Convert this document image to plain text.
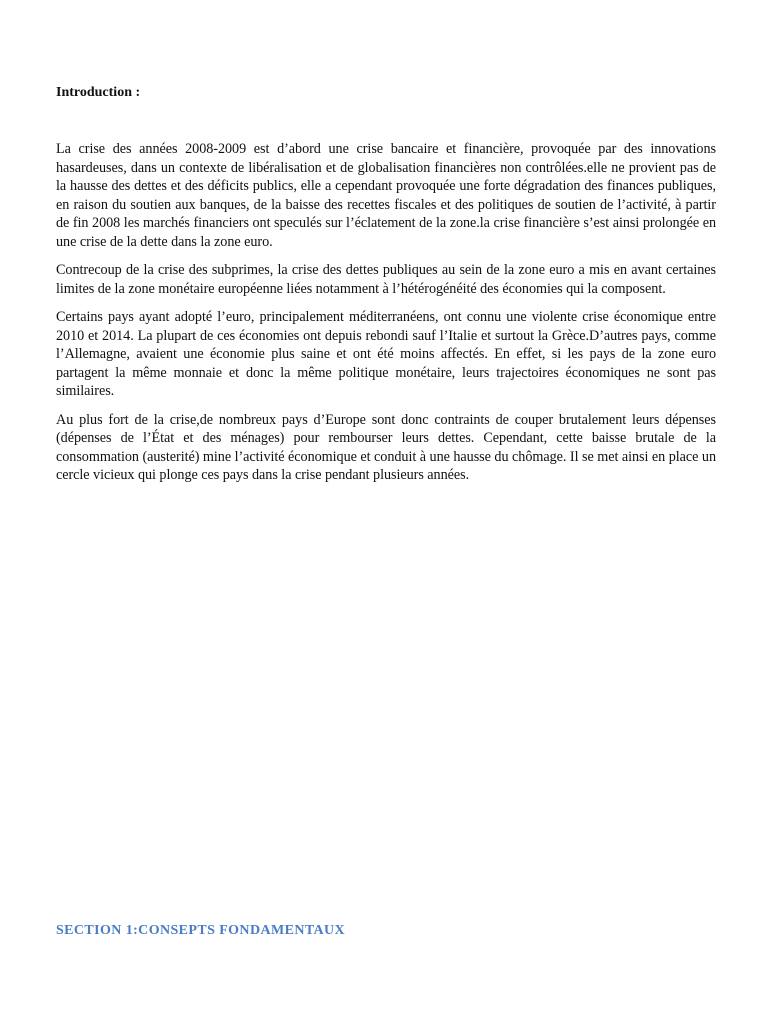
Introduction :

La crise des années 2008-2009 est d’abord une crise bancaire et financière, provoquée par des innovations hasardeuses, dans un contexte de libéralisation et de globalisation financières non contrôlées.elle ne provient pas de la hausse des dettes et des déficits publics, elle a cependant provoquée une forte dégradation des finances publiques, en raison du soutien aux banques, de la baisse des recettes fiscales et des politiques de soutien de l’activité, à partir de fin 2008 les marchés financiers ont speculés sur l’éclatement de la zone.la crise financière s’est ainsi prolongée en une crise de la dette dans la zone euro.

Contrecoup de la crise des subprimes, la crise des dettes publiques au sein de la zone euro a mis en avant certaines limites de la zone monétaire européenne liées notamment à l’hétérogénéité des économies qui la composent.

Certains pays ayant adopté l’euro, principalement méditerranéens, ont connu une violente crise économique entre 2010 et 2014. La plupart de ces économies ont depuis rebondi sauf l’Italie et surtout la Grèce.D’autres pays, comme l’Allemagne, avaient une économie plus saine et ont été moins affectés. En effet, si les pays de la zone euro partagent la même monnaie et donc la même politique monétaire, leurs trajectoires économiques ne sont pas similaires.

Au plus fort de la crise,de nombreux pays d’Europe sont donc contraints de couper brutalement leurs dépenses (dépenses de l’État et des ménages) pour rembourser leurs dettes. Cependant, cette baisse brutale de la consommation (austerité) mine l’activité économique et conduit à une hausse du chômage. Il se met ainsi en place un cercle vicieux qui plonge ces pays dans la crise pendant plusieurs années.

SECTION 1:CONSEPTS FONDAMENTAUX
